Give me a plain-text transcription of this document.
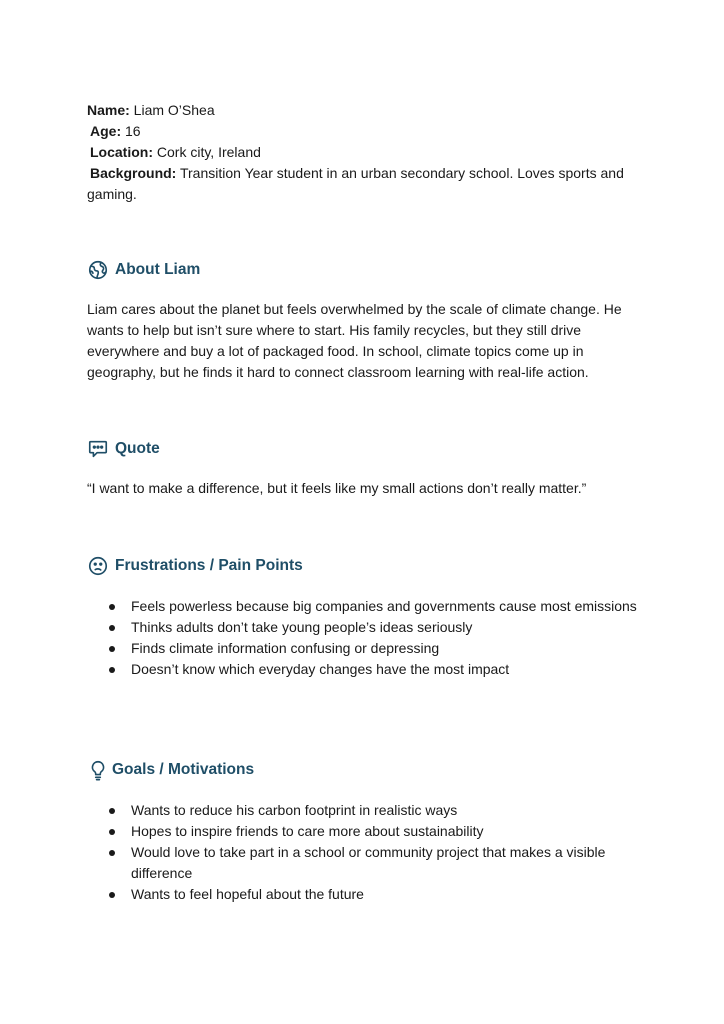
Name: Liam O’Shea

Age: 16

Location: Cork city, Ireland

Background: Transition Year student in an urban secondary school. Loves sports and gaming.

About Liam

Liam cares about the planet but feels overwhelmed by the scale of climate change. He wants to help but isn’t sure where to start. His family recycles, but they still drive everywhere and buy a lot of packaged food. In school, climate topics come up in geography, but he finds it hard to connect classroom learning with real-life action.

Quote

“I want to make a difference, but it feels like my small actions don’t really matter.”

Frustrations / Pain Points
Feels powerless because big companies and governments cause most emissions
Thinks adults don’t take young people’s ideas seriously
Finds climate information confusing or depressing
Doesn’t know which everyday changes have the most impact
Goals / Motivations
Wants to reduce his carbon footprint in realistic ways
Hopes to inspire friends to care more about sustainability
Would love to take part in a school or community project that makes a visible difference
Wants to feel hopeful about the future
